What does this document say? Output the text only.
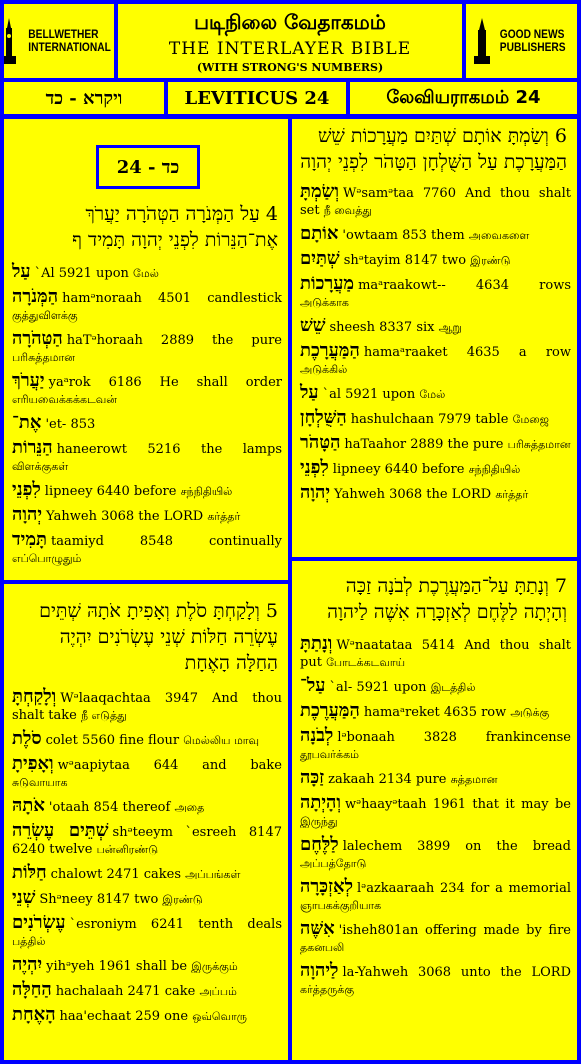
BELLWETHER
INTERNATIONAL
படிநிலை வேதாகமம்
THE INTERLAYER BIBLE
(WITH STRONG'S NUMBERS)
GOOD NEWS
PUBLISHERS
ויקרא - כד	LEVITICUS 24	லேவியராகமம் 24
24 - כד
4 עַל הַמְּנֹרָה הַטְּהֹרָה יַעֲרֹךְ אֶת־הַנֵּרוֹת לִפְנֵי יְהוָה תָּמִיד ף
עַל `Al 5921 upon மேல்
הַמְּנֹרָה hamᵊnoraah 4501 candlestick குத்துவிளக்கு
הַטְּהֹרָה haTᵊhoraah 2889 the pure பரிசுத்தமான
יַעֲרֹךְ yaᵃrok 6186 He shall order எரியவைக்கக்கடவன்
אֶת־ 'et- 853
הַנֵּרוֹת haneerowt 5216 the lamps விளக்குகள்
לִפְנֵי lipneey 6440 before சந்நிதியில்
יְהוָה Yahweh 3068 the LORD கர்த்தர்
תָּמִיד taamiyd 8548 continually எப்பொழுதும்
6 וְשַׂמְתָּ אוֹתָם שְׁתַּיִם מַעֲרָכוֹת שֵׁשׁ הַמַּעֲרָכֶת עַל הַשֻּׁלְחָן הַטָּהֹר לִפְנֵי יְהוָה
וְשַׂמְתָּ Wᵊsamᵊtaa 7760 And thou shalt set நீ வைத்து
אוֹתָם 'owtaam 853 them அவைகளை
שְׁתַּיִם shᵊtayim 8147 two இரண்டு
מַעֲרָכוֹת maᵃraakowt-- 4634 rows அடுக்காக
שֵׁשׁ sheesh 8337 six ஆறு
הַמַּעֲרָכֶת hamaᵃraaket 4635 a row அடுக்கில்
עַל `al 5921 upon மேல்
הַשֻּׁלְחָן hashulchaan 7979 table மேஜை
הַטָּהֹר haTaahor 2889 the pure பரிசுத்தமான
לִפְנֵי lipneey 6440 before சந்நிதியில்
יְהוָה Yahweh 3068 the LORD கர்த்தர்
5 וְלָקַחְתָּ סֹלֶת וְאָפִיתָ אֹתָהּ שְׁתֵּים עֶשְׂרֵה חַלּוֹת שְׁנֵי עֶשְׂרֹנִים יִהְיֶה הַחַלָּה הָאֶחָת
וְלָקַחְתָּ Wᵊlaaqachtaa 3947 And thou shalt take நீ எடுத்து
סֹלֶת colet 5560 fine flour மெல்லிய மாவு
וְאָפִיתָ wᵊaapiytaa 644 and bake சுடுவாயாக
אֹתָהּ 'otaah 854 thereof அதை
שְׁתֵּים עֶשְׂרֵה shᵊteeym `esreeh 8147 6240 twelve பன்னிரண்டு
חַלּוֹת chalowt 2471 cakes அப்பங்கள்
שְׁנֵי Shᵊneey 8147 two இரண்டு
עֶשְׂרֹנִים `esroniym 6241 tenth deals பத்தில்
יִהְיֶה yihᵊyeh 1961 shall be இருக்கும்
הַחַלָּה hachalaah 2471 cake அப்பம்
הָאֶחָת haa'echaat 259 one ஒவ்வொரு
7 וְנָתַתָּ עַל־הַמַּעֲרֶכֶת לְבֹנָה זַכָּה וְהָיְתָה לַלֶּחֶם לְאַזְכָּרָה אִשֶּׁה לַיהוָה
וְנָתַתָּ Wᵊnaatataa 5414 And thou shalt put போடக்கடவாய்
עַל־ `al- 5921 upon இடத்தில்
הַמַּעֲרֶכֶת hamaᵃreket 4635 row அடுக்கு
לְבֹנָה lᵊbonaah 3828 frankincense தூபவர்க்கம்
זַכָּה zakaah 2134 pure சுத்தமான
וְהָיְתָה wᵊhaayᵊtaah 1961 that it may be இருந்து
לַלֶּחֶם lalechem 3899 on the bread அப்பத்தோடு
לְאַזְכָּרָה lᵊazkaaraah 234 for a memorial ஞாபகக்குறியாக
אִשֶּׁה 'isheh801an offering made by fire தகனபலி
לַיהוָה la-Yahweh 3068 unto the LORD கர்த்தருக்கு
